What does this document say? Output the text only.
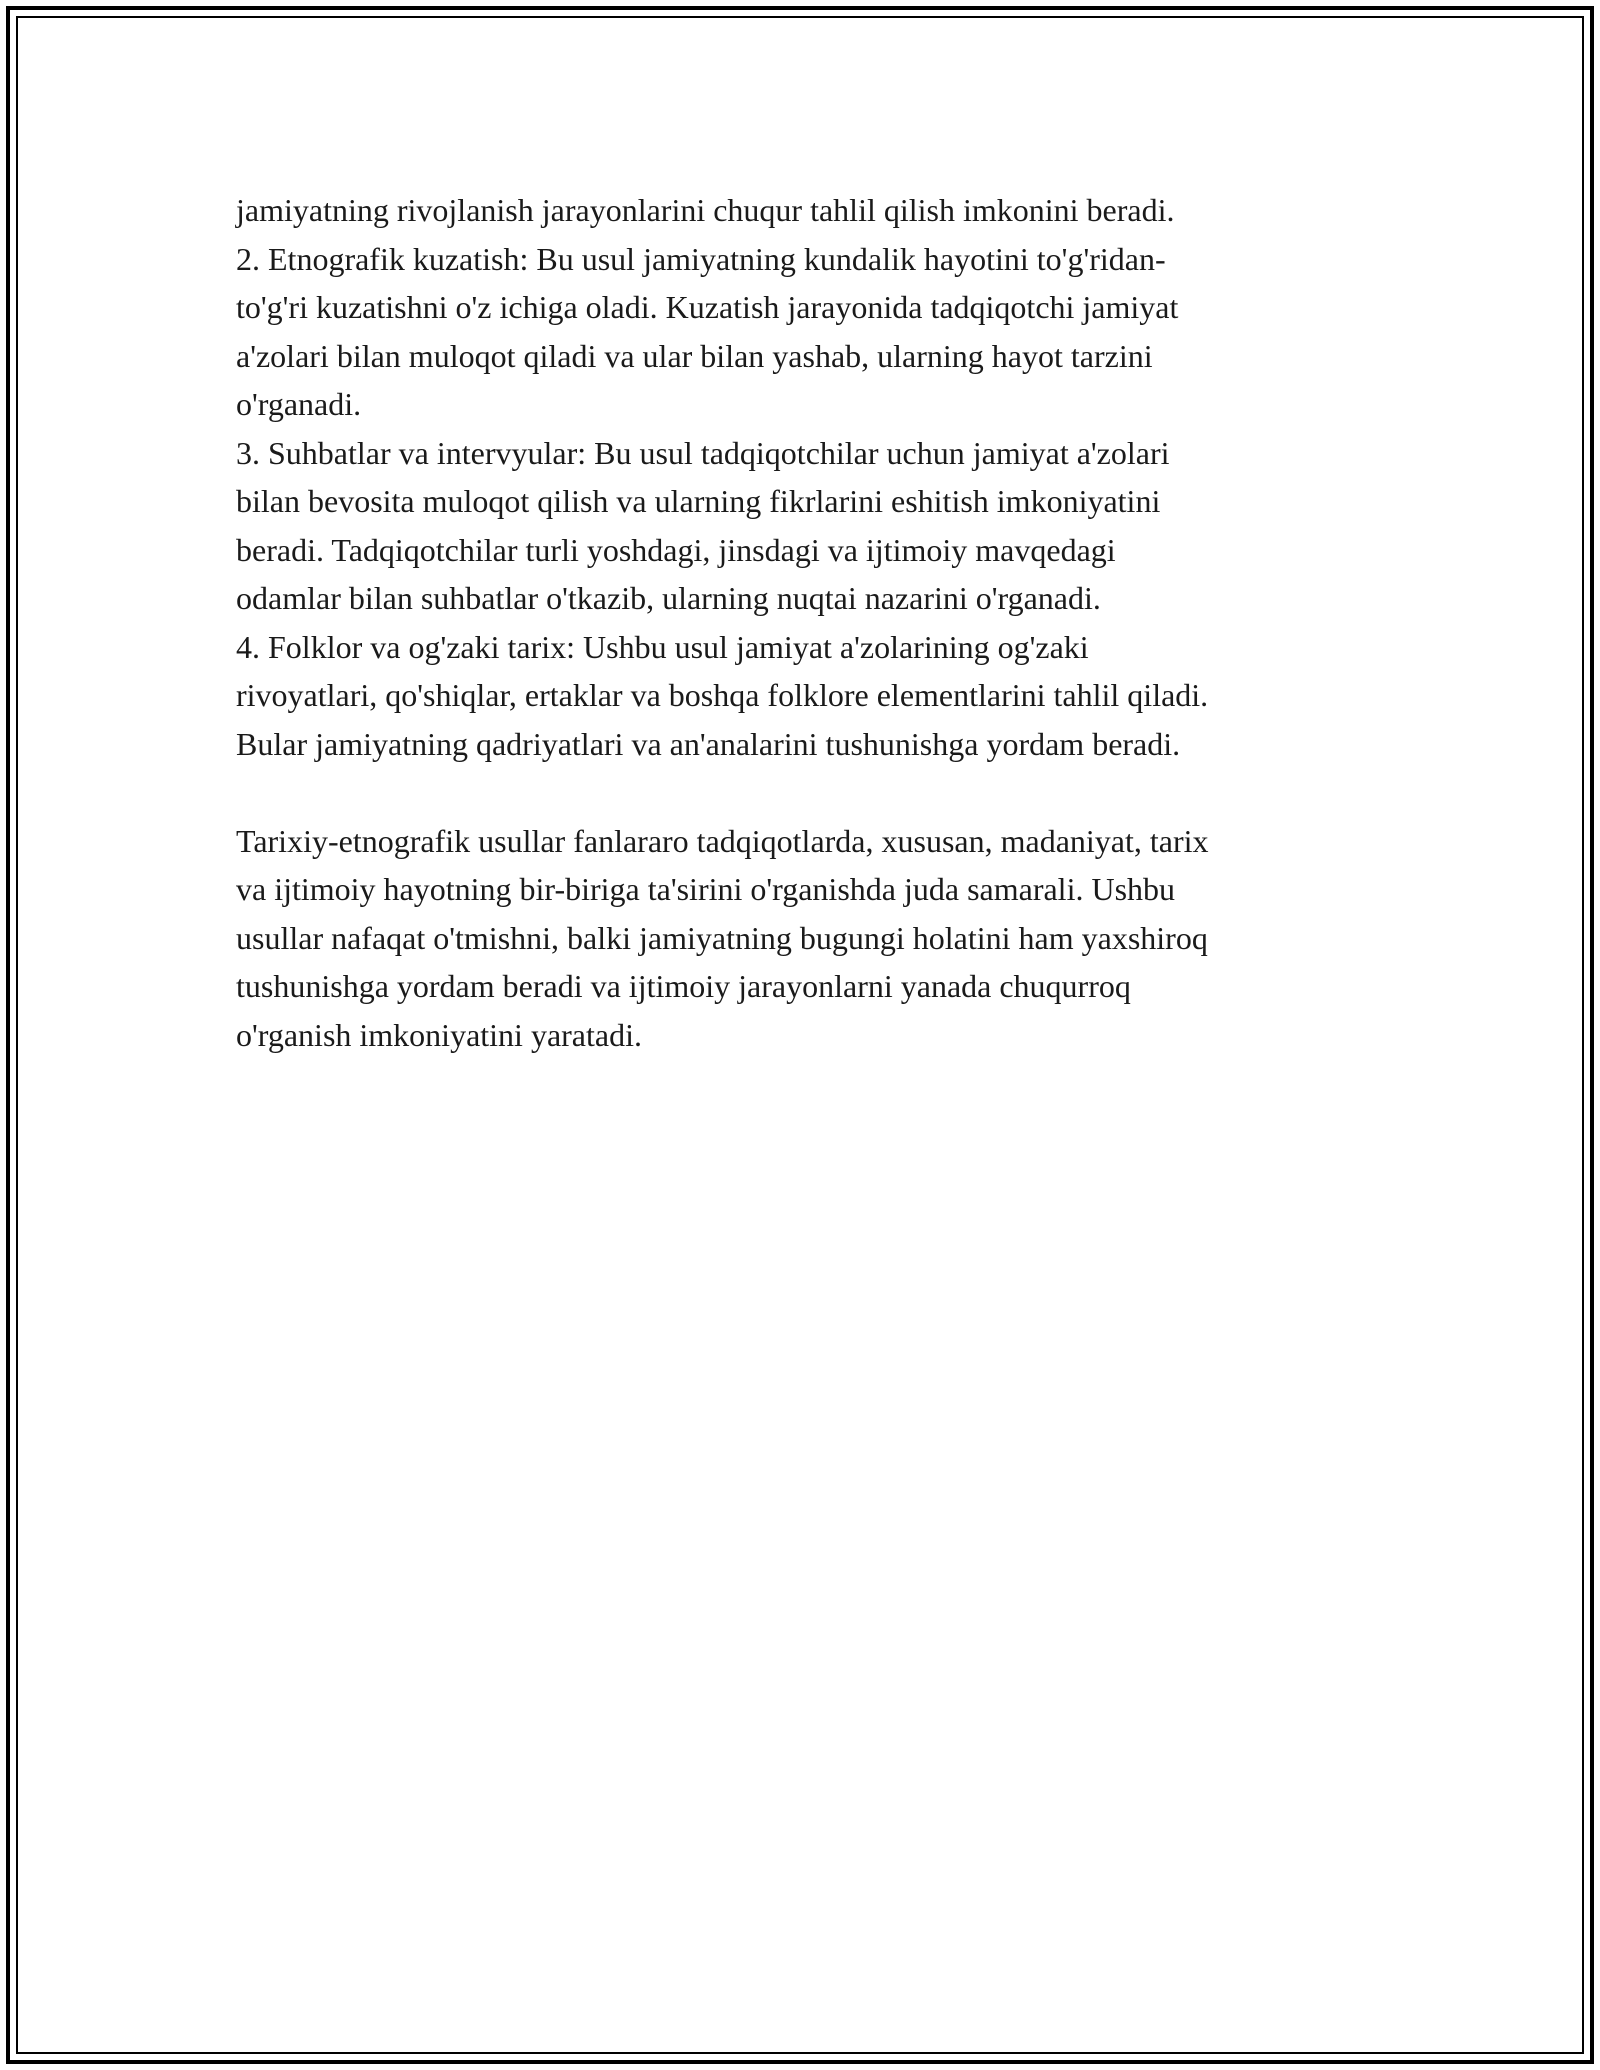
jamiyatning rivojlanish jarayonlarini chuqur tahlil qilish imkonini beradi.
2. Etnografik kuzatish: Bu usul jamiyatning kundalik hayotini to'g'ridan-
to'g'ri kuzatishni o'z ichiga oladi. Kuzatish jarayonida tadqiqotchi jamiyat
a'zolari bilan muloqot qiladi va ular bilan yashab, ularning hayot tarzini
o'rganadi.
3. Suhbatlar va intervyular: Bu usul tadqiqotchilar uchun jamiyat a'zolari
bilan bevosita muloqot qilish va ularning fikrlarini eshitish imkoniyatini
beradi. Tadqiqotchilar turli yoshdagi, jinsdagi va ijtimoiy mavqedagi
odamlar bilan suhbatlar o'tkazib, ularning nuqtai nazarini o'rganadi.
4. Folklor va og'zaki tarix: Ushbu usul jamiyat a'zolarining og'zaki
rivoyatlari, qo'shiqlar, ertaklar va boshqa folklore elementlarini tahlil qiladi.
Bular jamiyatning qadriyatlari va an'analarini tushunishga yordam beradi.
Tarixiy-etnografik usullar fanlararo tadqiqotlarda, xususan, madaniyat, tarix
va ijtimoiy hayotning bir-biriga ta'sirini o'rganishda juda samarali. Ushbu
usullar nafaqat o'tmishni, balki jamiyatning bugungi holatini ham yaxshiroq
tushunishga yordam beradi va ijtimoiy jarayonlarni yanada chuqurroq
o'rganish imkoniyatini yaratadi.
